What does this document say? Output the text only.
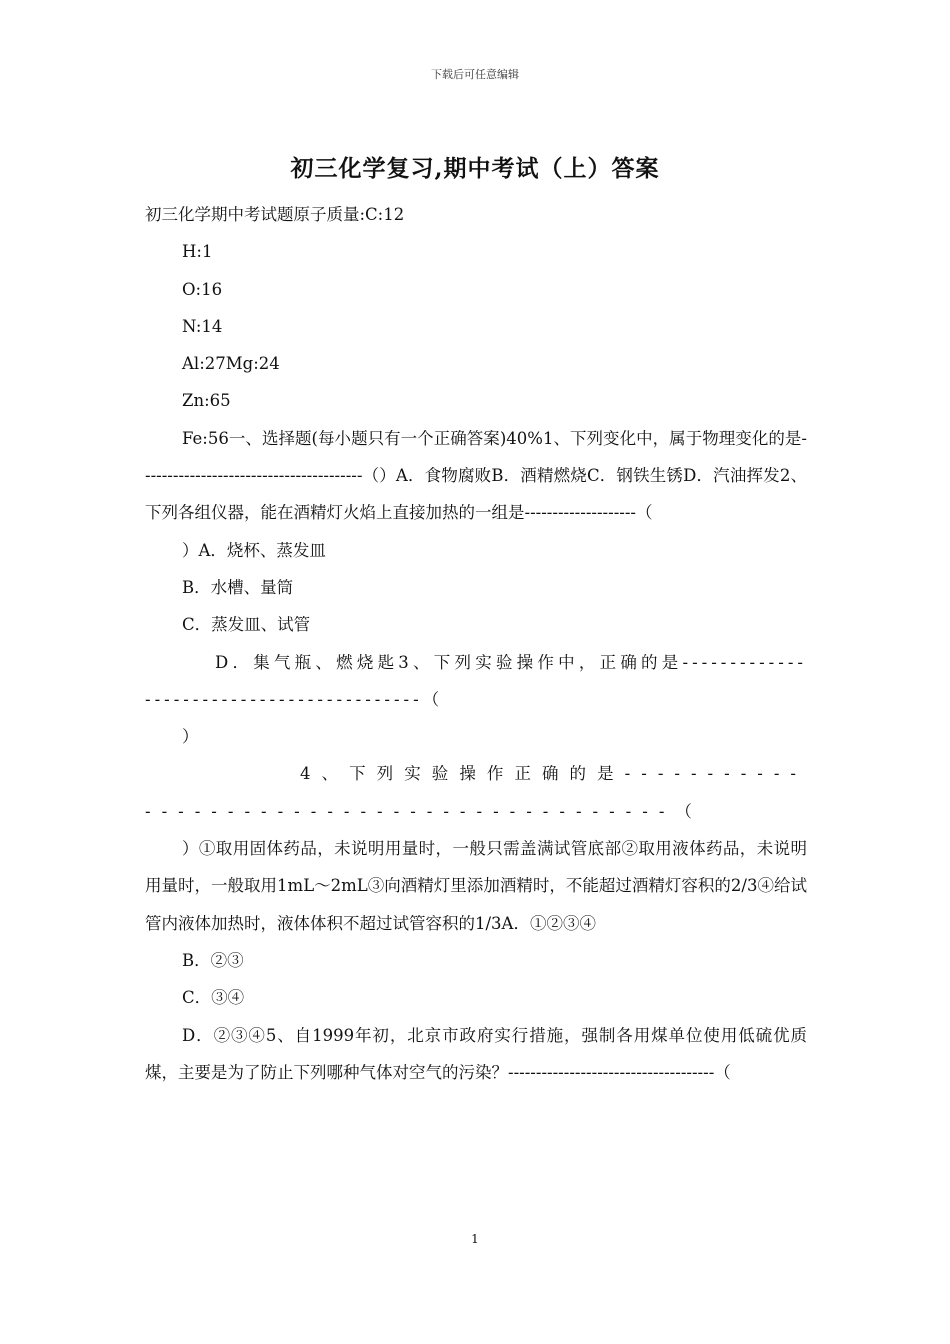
下载后可任意编辑
初三化学复习,期中考试（上）答案

初三化学期中考试题原子质量:C:12

H:1

O:16

N:14

Al:27Mg:24

Zn:65

Fe:56一、选择题(每小题只有一个正确答案)40%1、下列变化中，属于物理变化的是----------------------------------------（）A．食物腐败B．酒精燃烧C．钢铁生锈D．汽油挥发2、下列各组仪器，能在酒精灯火焰上直接加热的一组是--------------------（

）A．烧杯、蒸发皿

B．水槽、量筒

C．蒸发皿、试管

D．集气瓶、燃烧匙3、下列实验操作中，正确的是------------------------------------------（

）

4、下列实验操作正确的是-------------------------------------------（

）①取用固体药品，未说明用量时，一般只需盖满试管底部②取用液体药品，未说明用量时，一般取用1mL～2mL③向酒精灯里添加酒精时，不能超过酒精灯容积的2/3④给试管内液体加热时，液体体积不超过试管容积的1/3A．①②③④

B．②③

C．③④

D．②③④5、自1999年初，北京市政府实行措施，强制各用煤单位使用低硫优质煤，主要是为了防止下列哪种气体对空气的污染？-------------------------------------（

1
